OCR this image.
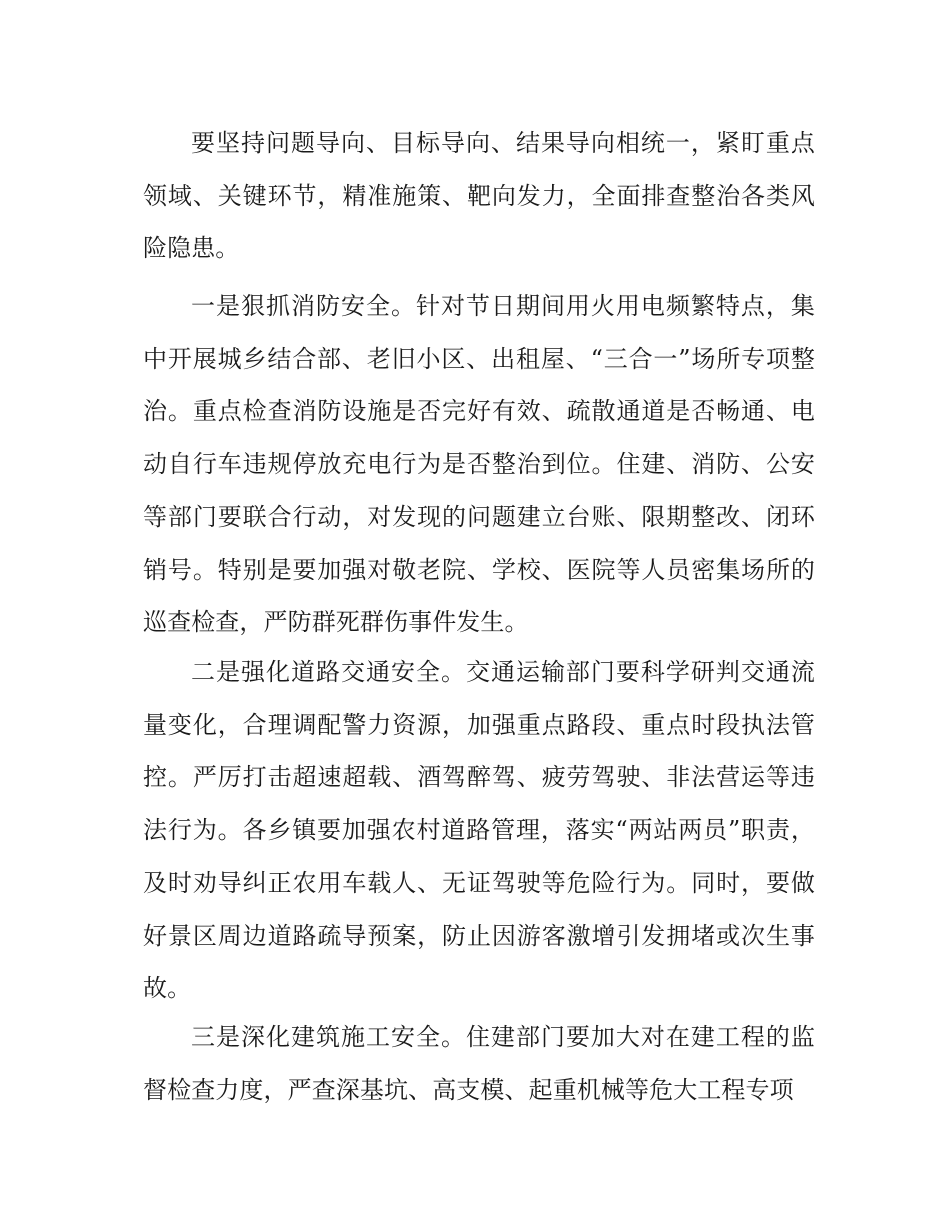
要坚持问题导向、目标导向、结果导向相统一，紧盯重点领域、关键环节，精准施策、靶向发力，全面排查整治各类风险隐患。

一是狠抓消防安全。针对节日期间用火用电频繁特点，集中开展城乡结合部、老旧小区、出租屋、“三合一”场所专项整治。重点检查消防设施是否完好有效、疏散通道是否畅通、电动自行车违规停放充电行为是否整治到位。住建、消防、公安等部门要联合行动，对发现的问题建立台账、限期整改、闭环销号。特别是要加强对敬老院、学校、医院等人员密集场所的巡查检查，严防群死群伤事件发生。

二是强化道路交通安全。交通运输部门要科学研判交通流量变化，合理调配警力资源，加强重点路段、重点时段执法管控。严厉打击超速超载、酒驾醉驾、疲劳驾驶、非法营运等违法行为。各乡镇要加强农村道路管理，落实“两站两员”职责，及时劝导纠正农用车载人、无证驾驶等危险行为。同时，要做好景区周边道路疏导预案，防止因游客激增引发拥堵或次生事故。

三是深化建筑施工安全。住建部门要加大对在建工程的监督检查力度，严查深基坑、高支模、起重机械等危大工程专项
